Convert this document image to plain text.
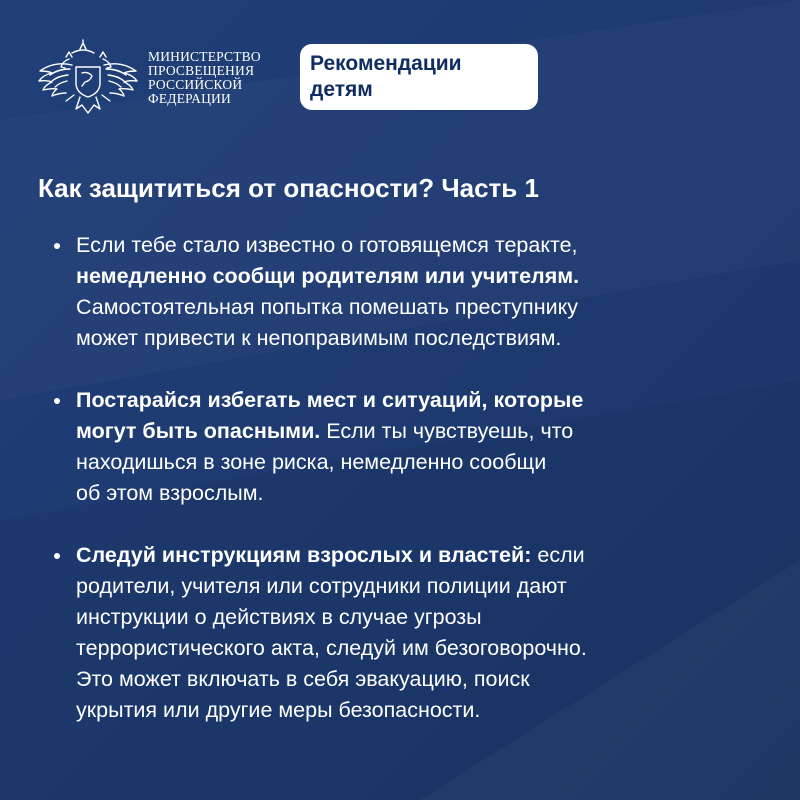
МИНИСТЕРСТВО
ПРОСВЕЩЕНИЯ
РОССИЙСКОЙ
ФЕДЕРАЦИИ
Рекомендации
детям
Как защититься от опасности? Часть 1

Если тебе стало известно о готовящемся теракте,
немедленно сообщи родителям или учителям.
Самостоятельная попытка помешать преступнику
может привести к непоправимым последствиям.

Постарайся избегать мест и ситуаций, которые
могут быть опасными. Если ты чувствуешь, что
находишься в зоне риска, немедленно сообщи
об этом взрослым.

Следуй инструкциям взрослых и властей: если
родители, учителя или сотрудники полиции дают
инструкции о действиях в случае угрозы
террористического акта, следуй им безоговорочно.
Это может включать в себя эвакуацию, поиск
укрытия или другие меры безопасности.
